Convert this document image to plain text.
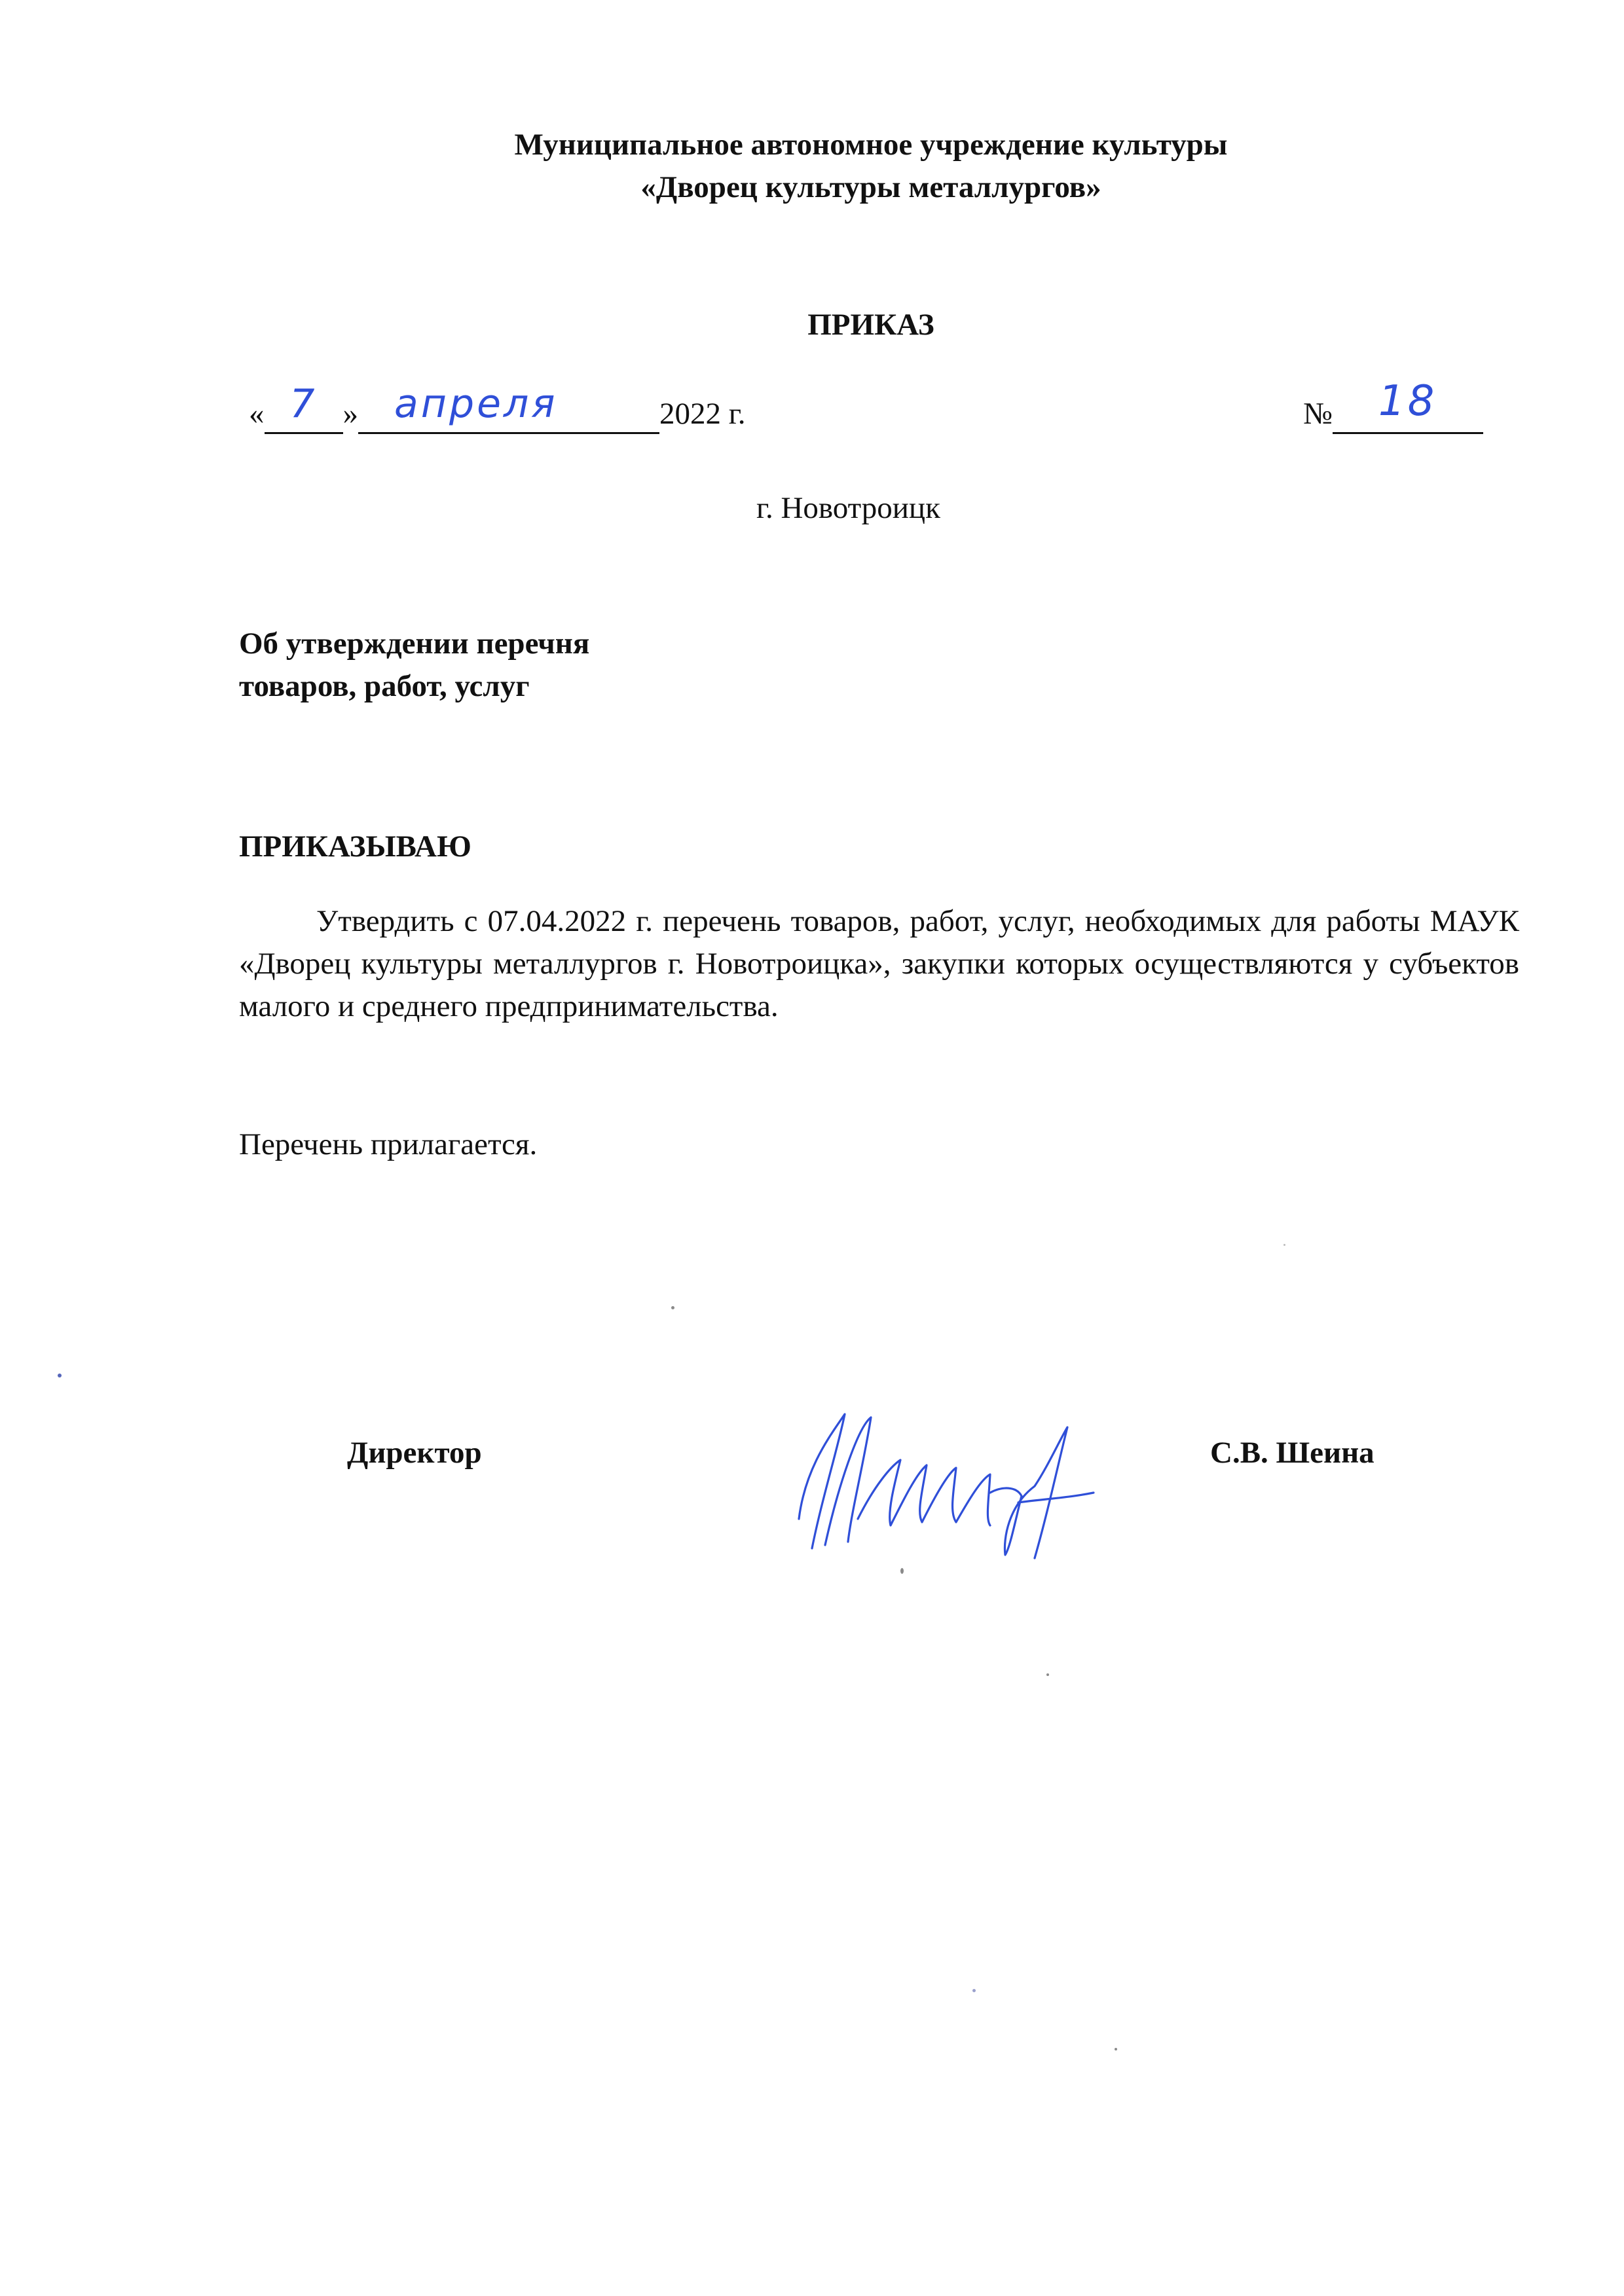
Муниципальное автономное учреждение культуры
«Дворец культуры металлургов»
ПРИКАЗ
« 7 » апреля	2022 г.	№ 18
г. Новотроицк
Об утверждении перечня
товаров, работ, услуг
ПРИКАЗЫВАЮ
Утвердить с 07.04.2022 г. перечень товаров, работ, услуг, необходимых для работы МАУК «Дворец культуры металлургов г. Новотроицка», закупки которых осуществляются у субъектов малого и среднего предпринимательства.
Перечень прилагается.
Директор	С.В. Шеина
